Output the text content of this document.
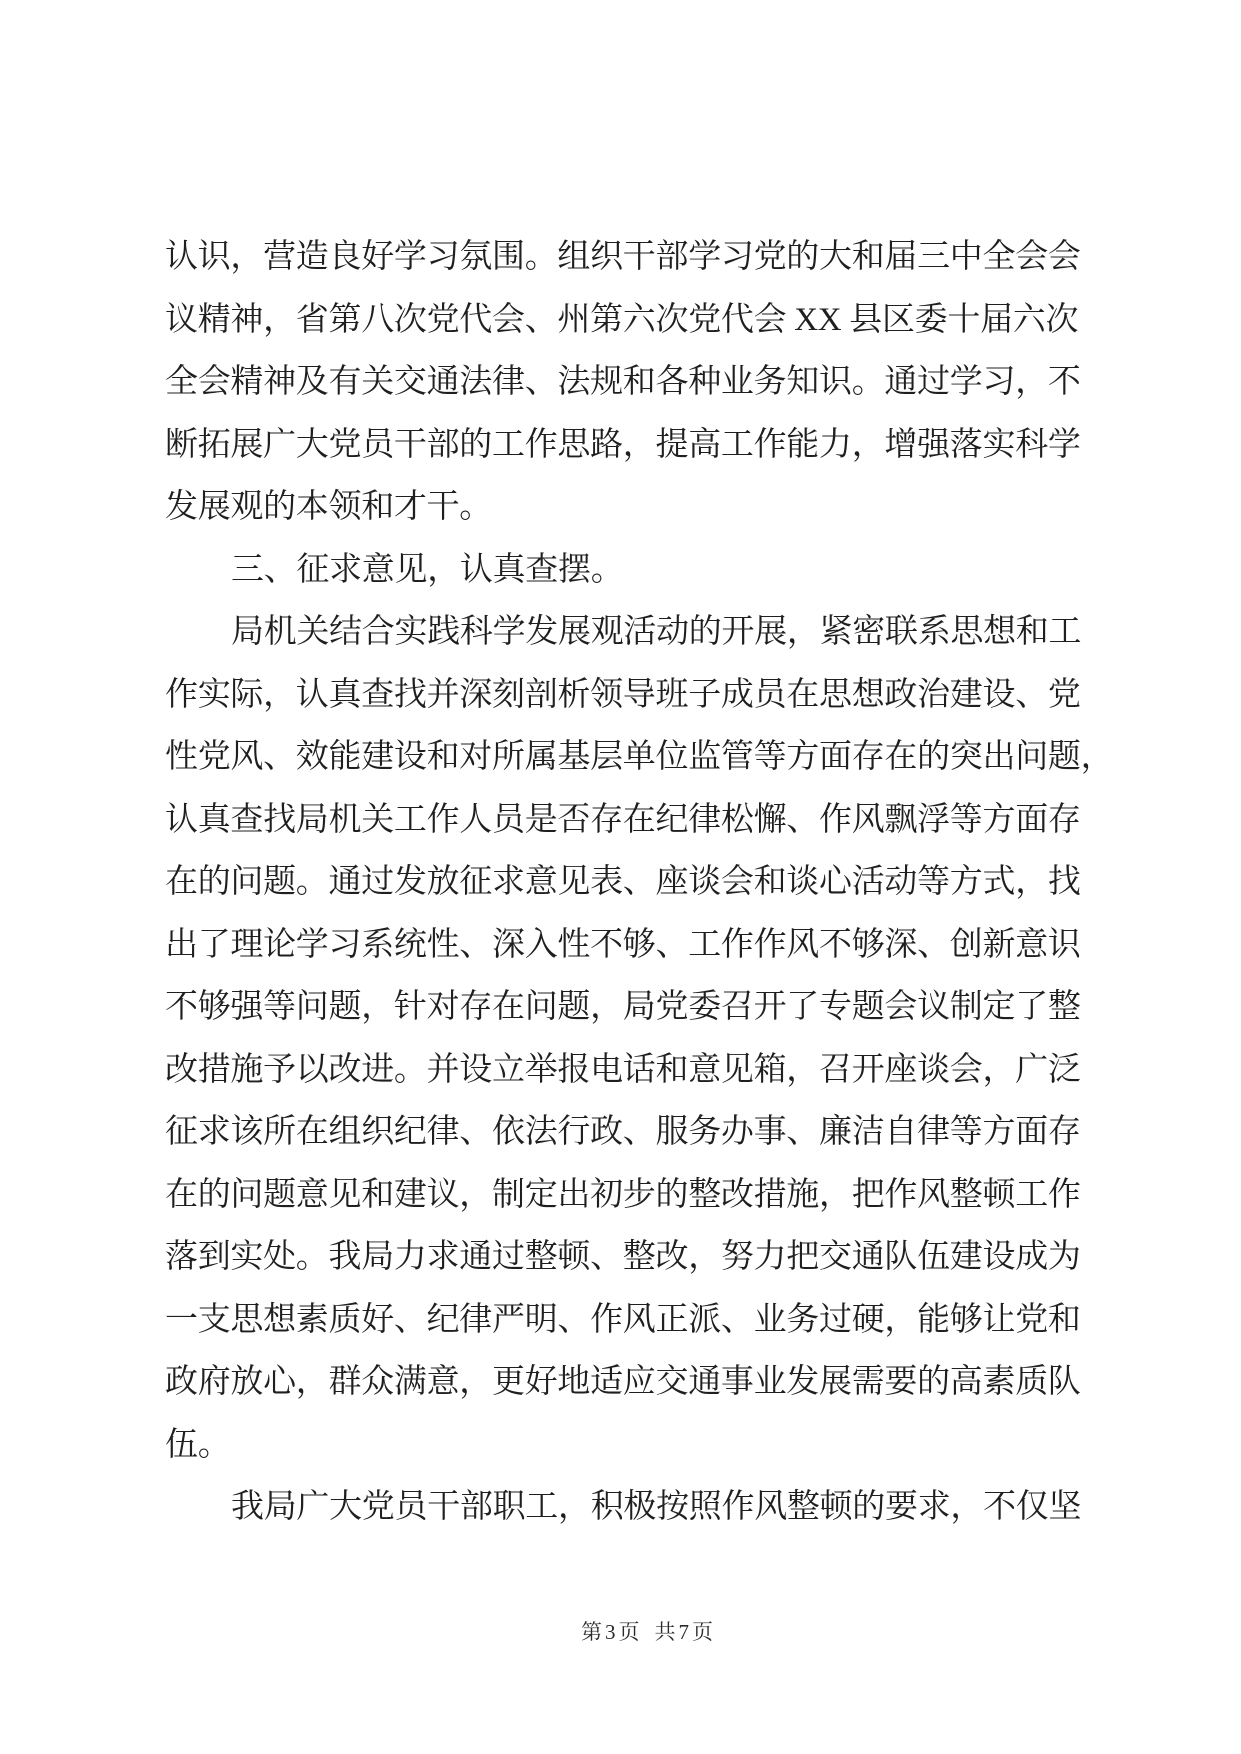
认识，营造良好学习氛围。组织干部学习党的大和届三中全会会
议精神，省第八次党代会、州第六次党代会 XX 县区委十届六次
全会精神及有关交通法律、法规和各种业务知识。通过学习，不
断拓展广大党员干部的工作思路，提高工作能力，增强落实科学
发展观的本领和才干。
三、征求意见，认真查摆。
局机关结合实践科学发展观活动的开展，紧密联系思想和工
作实际，认真查找并深刻剖析领导班子成员在思想政治建设、党
性党风、效能建设和对所属基层单位监管等方面存在的突出问题，
认真查找局机关工作人员是否存在纪律松懈、作风飘浮等方面存
在的问题。通过发放征求意见表、座谈会和谈心活动等方式，找
出了理论学习系统性、深入性不够、工作作风不够深、创新意识
不够强等问题，针对存在问题，局党委召开了专题会议制定了整
改措施予以改进。并设立举报电话和意见箱，召开座谈会，广泛
征求该所在组织纪律、依法行政、服务办事、廉洁自律等方面存
在的问题意见和建议，制定出初步的整改措施，把作风整顿工作
落到实处。我局力求通过整顿、整改，努力把交通队伍建设成为
一支思想素质好、纪律严明、作风正派、业务过硬，能够让党和
政府放心，群众满意，更好地适应交通事业发展需要的高素质队
伍。
我局广大党员干部职工，积极按照作风整顿的要求，不仅坚
第3页 共7页
